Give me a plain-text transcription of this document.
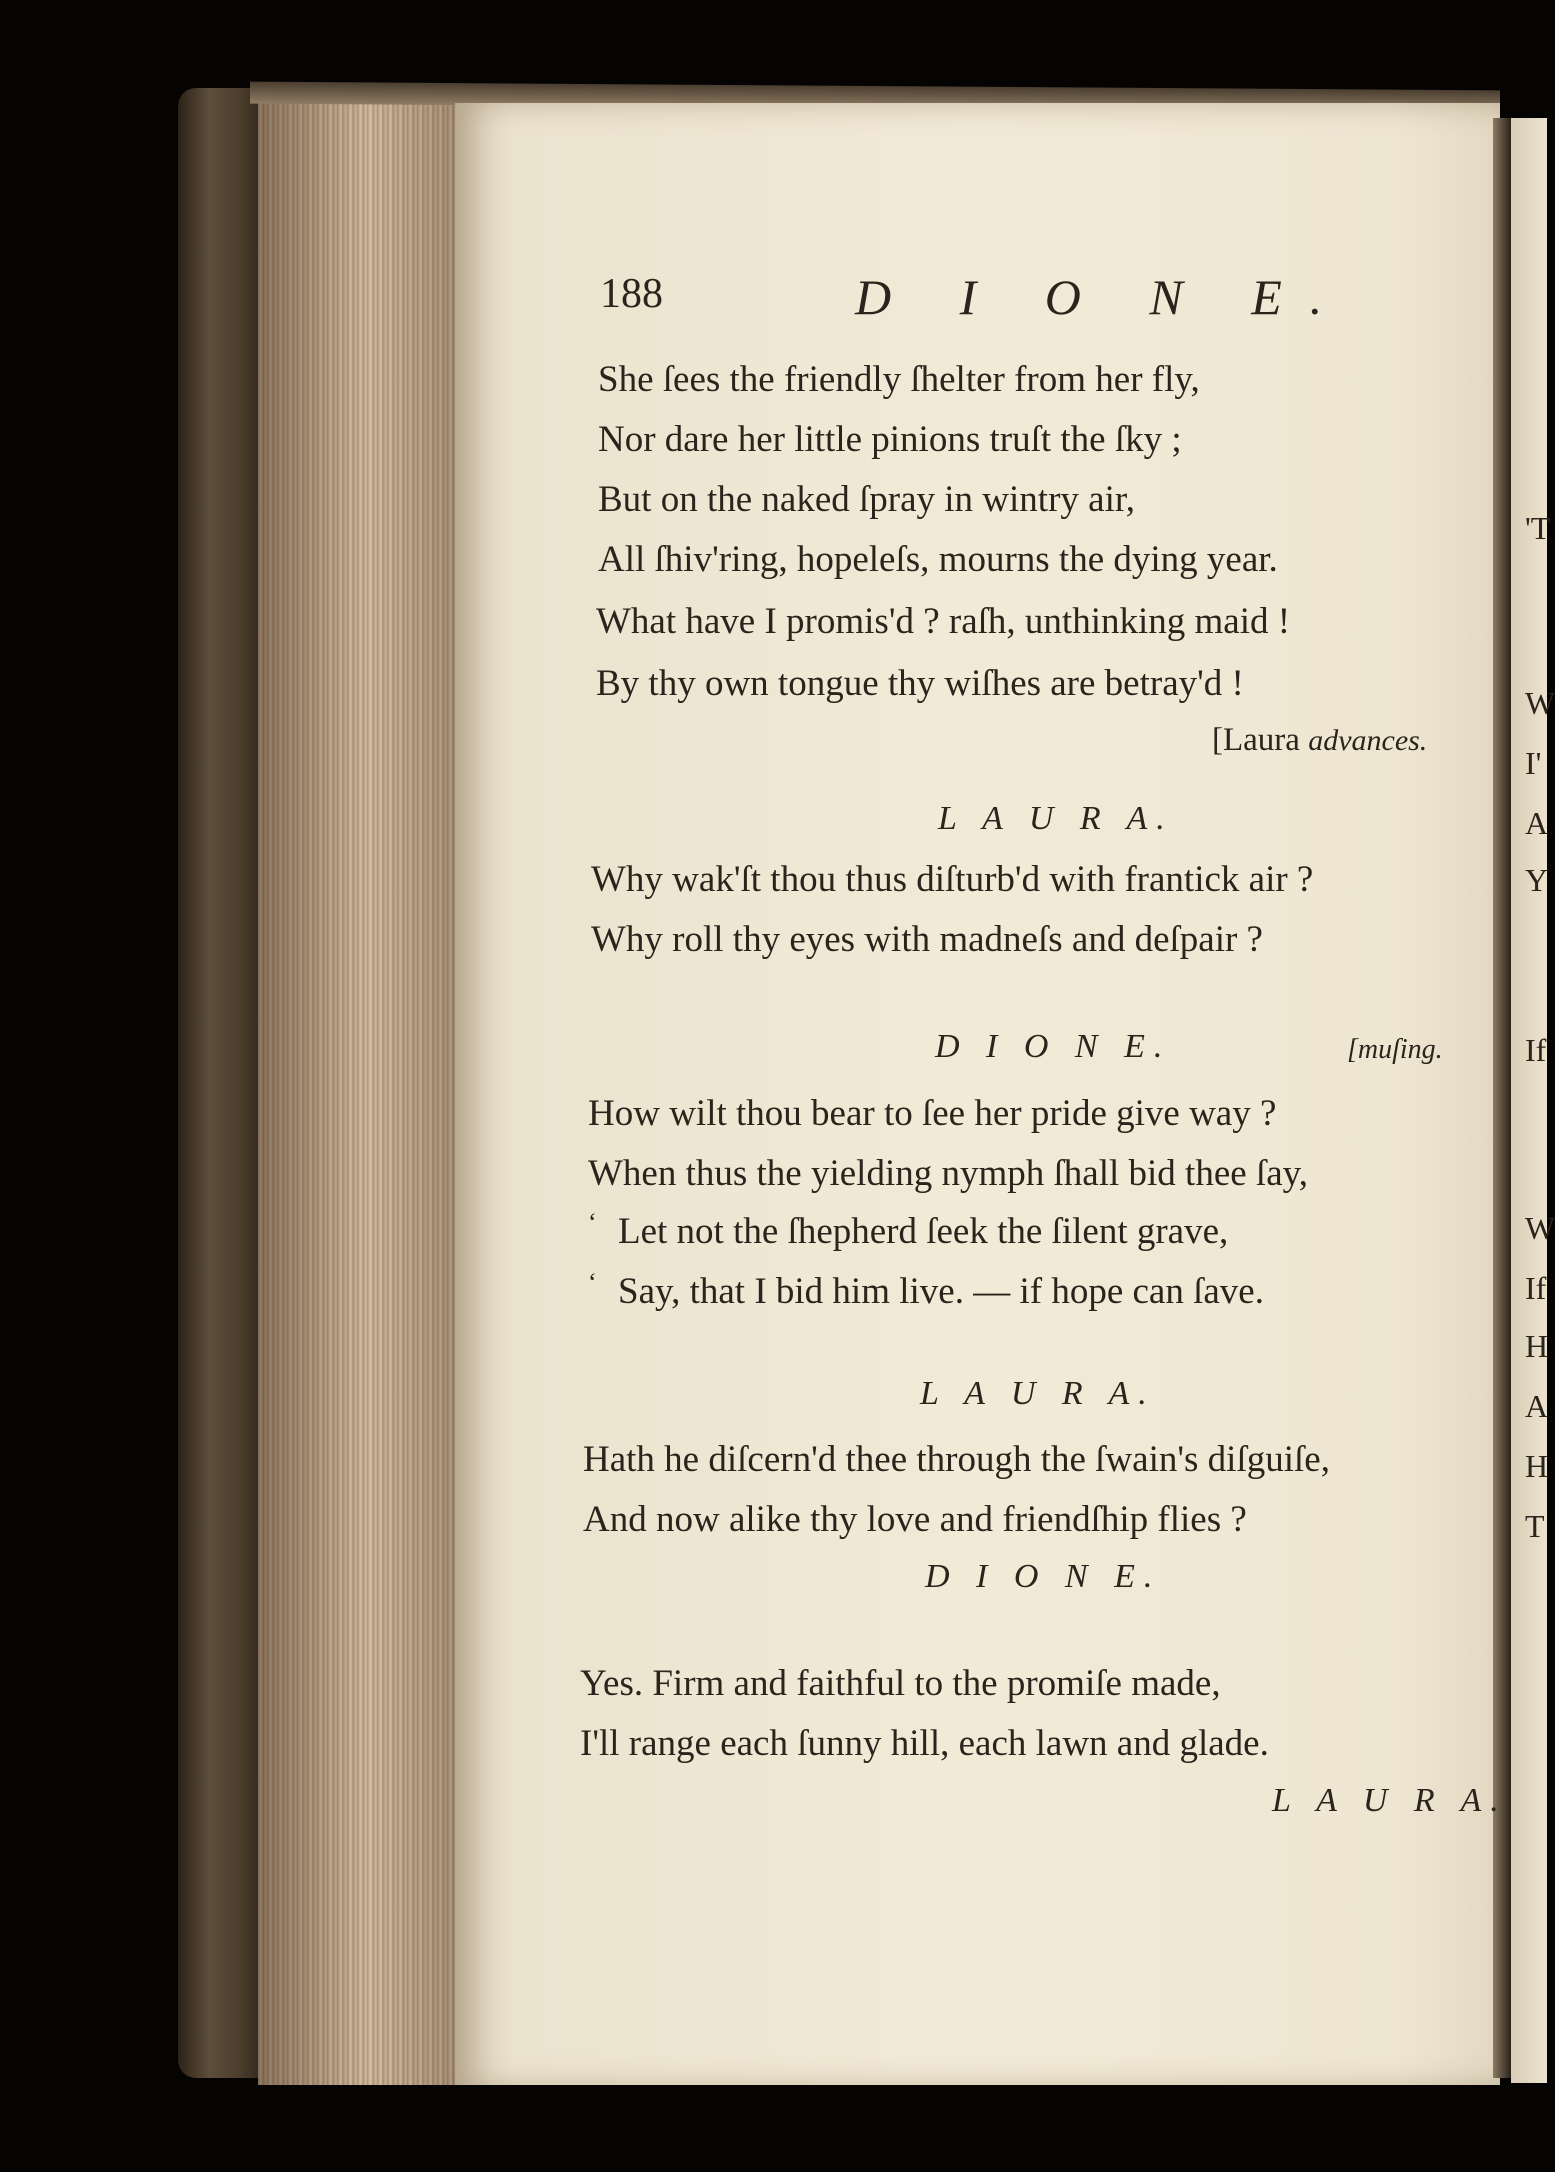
188	D I O N E.
She ſees the friendly ſhelter from her fly,
Nor dare her little pinions truſt the ſky ;
But on the naked ſpray in wintry air,
All ſhiv'ring, hopeleſs, mourns the dying year.
What have I promis'd ? raſh, unthinking maid !
By thy own tongue thy wiſhes are betray'd !
[Laura advances.
L A U R A.
Why wak'ſt thou thus diſturb'd with frantick air ?
Why roll thy eyes with madneſs and deſpair ?
D I O N E.	[muſing.
How wilt thou bear to ſee her pride give way ?
When thus the yielding nymph ſhall bid thee ſay,
‘ Let not the ſhepherd ſeek the ſilent grave,
‘ Say, that I bid him live. — if hope can ſave.
L A U R A.
Hath he diſcern'd thee through the ſwain's diſguiſe,
And now alike thy love and friendſhip flies ?
D I O N E.
Yes. Firm and faithful to the promiſe made,
I'll range each ſunny hill, each lawn and glade.
L A U R A.
'T
W
I'
A
Y
If
W
If
H
A
H
T
